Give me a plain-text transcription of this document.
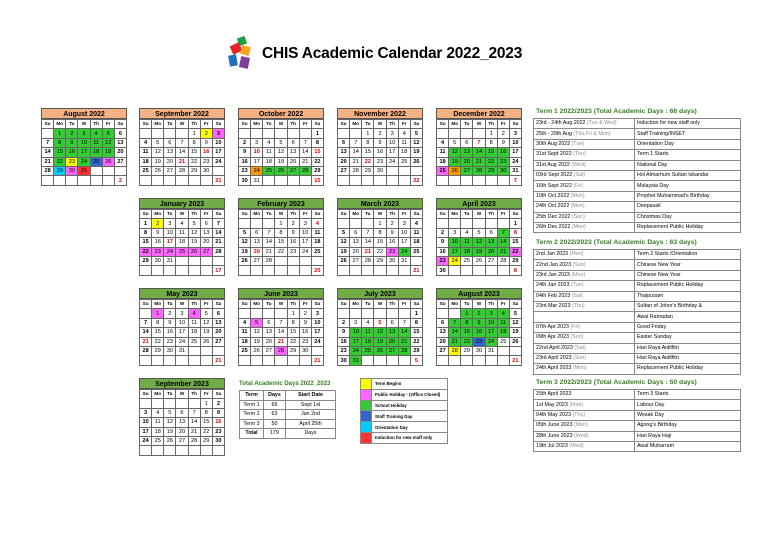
CHIS Academic Calendar 2022_2023
August 2022
Su	Mo	Tu	W	Th	Fr	Sa
	1	2	3	4	5	6
7	8	9	10	11	12	13
14	15	16	17	18	19	20
21	22	23	24	25	26	27
28	29	30	31			
						2
September 2022
Su	Mo	Tu	W	Th	Fr	Sa
				1	2	3
4	5	6	7	8	9	10
11	12	13	14	15	16	17
18	19	20	21	22	23	24
25	26	27	28	29	30	
						21
October 2022
Su	Mo	Tu	W	Th	Fr	Sa
						1
2	3	4	5	6	7	8
9	10	11	12	13	14	15
16	17	18	19	20	21	22
23	24	25	26	27	28	29
30	31					15
November 2022
Su	Mo	Tu	W	Th	Fr	Sa
		1	2	3	4	5
6	7	8	9	10	11	12
13	14	15	16	17	18	19
20	21	22	23	24	25	26
27	28	29	30			
						22
December 2022
Su	Mo	Tu	W	Th	Fr	Sa
				1	2	3
4	5	6	7	8	9	10
11	12	13	14	15	16	17
18	19	20	21	22	23	24
25	26	27	28	29	30	31
						7
January 2023
Su	Mo	Tu	W	Th	Fr	Sa
1	2	3	4	5	6	7
8	9	10	11	12	13	14
15	16	17	18	19	20	21
22	23	24	25	26	27	28
29	30	31				
						17
February 2023
Su	Mo	Tu	W	Th	Fr	Sa
			1	2	3	4
5	6	7	8	9	10	11
12	13	14	15	16	17	18
19	20	21	22	23	24	25
26	27	28				
						20
March 2023
Su	Mo	Tu	W	Th	Fr	Sa
			1	2	3	4
5	6	7	8	9	10	11
12	13	14	15	16	17	18
19	20	21	22	23	24	25
26	27	28	29	30	31	
						21
April 2023
Su	Mo	Tu	W	Th	Fr	Sa
						1
2	3	4	5	6	7	8
9	10	11	12	13	14	15
16	17	18	19	20	21	22
23	24	25	26	27	28	29
30						8
May 2023
Su	Mo	Tu	W	Th	Fr	Sa
	1	2	3	4	5	6
7	8	9	10	11	12	13
14	15	16	17	18	19	20
21	22	23	24	25	26	27
28	29	30	31			
						21
June 2023
Su	Mo	Tu	W	Th	Fr	Sa
				1	2	3
4	5	6	7	8	9	10
11	12	13	14	15	16	17
18	19	20	21	22	23	24
25	26	27	28	29	30	
						21
July 2023
Su	Mo	Tu	W	Th	Fr	Sa
						1
2	3	4	5	6	7	8
9	10	11	12	13	14	15
16	17	18	19	20	21	22
23	24	25	26	27	28	29
30	31					5
August 2023
Su	Mo	Tu	W	Th	Fr	Sa
		1	2	3	4	5
6	7	8	9	10	11	12
13	14	15	16	17	18	19
20	21	22	23	24	25	26
27	28	29	30	31		
						21
September 2023
Su	Mo	Tu	W	Th	Fr	Sa
					1	2
3	4	5	6	7	8	9
10	11	12	13	14	15	16
17	18	19	20	21	22	23
24	25	26	27	28	29	30

Term 1 2022/2023 (Total Academic Days : 66 days)
23rd - 24th Aug 2022 (Tue & Wed)	Induction for new staff only
25th - 29th Aug (Thu,Fri & Mon)	Staff Training/INSET
30th Aug 2022 (Tue)	Orientation Day
31st Sept 2022 (Thu)	Term 1 Starts
31st Aug 2022 (Wed)	National Day
03rd Sept 2022 (Sat)	Hol Almarhum Sultan Iskandar
16th Sept 2022 (Fri)	Malaysia Day
10th Oct 2022 (Mon)	Prophet Muhammad's Birthday
24th Oct 2022 (Mon)	Deepavali
25th Dec 2022 (Sun)	Christmas Day
26th Dec 2022 (Mon)	Replacement Public Holiday
Term 2 2022/2023 (Total Academic Days : 63 days)
2nd Jan 2023 (Mon)	Term 2 Starts /Orientation
22nd Jan 2023 (Sun)	Chinese New Year
23rd Jan 2023 (Mon)	Chinese New Year
24th Jan 2023 (Tue)	Replacement Public Holiday
04th Feb 2023 (Sat)	Thaipusam
23rd Mar 2023 (Thu)	Sultan of Johor's Birthday &
	Awal Ramadan
07th Apr 2023 (Fri)	Good Friday
09th Apr 2023 (Sun)	Easter Sunday
22nd April 2023 (Sat)	Hari Raya Aidilfitri
23rd April 2023 (Sun)	Hari Raya Aidilfitri
24th April 2023 (Mon)	Replacement Public Holiday
Term 3 2022/2023 (Total Academic Days : 50 days)
25th April 2023	Term 3 Starts
1st May 2023 (Mon)	Labour Day
04th May 2023 (Thu)	Wesak Day
05th June 2023 (Mon)	Agong's Birthday
28th June 2023 (Wed)	Hari Raya Haji
19th Jul 2023 (Wed)	Awal Muharram
Total Academic Days 2022_2023
Term	Days	Start Date
Term 1	66	Sept 1st
Term 2	63	Jan 2nd
Term 3	50	April 25th
Total	179	Days
	Term Begins
	Public Holiday - (Office Closed)
	School Holiday
	Staff Training Day
	Orientation Day
	Induction for new staff only
